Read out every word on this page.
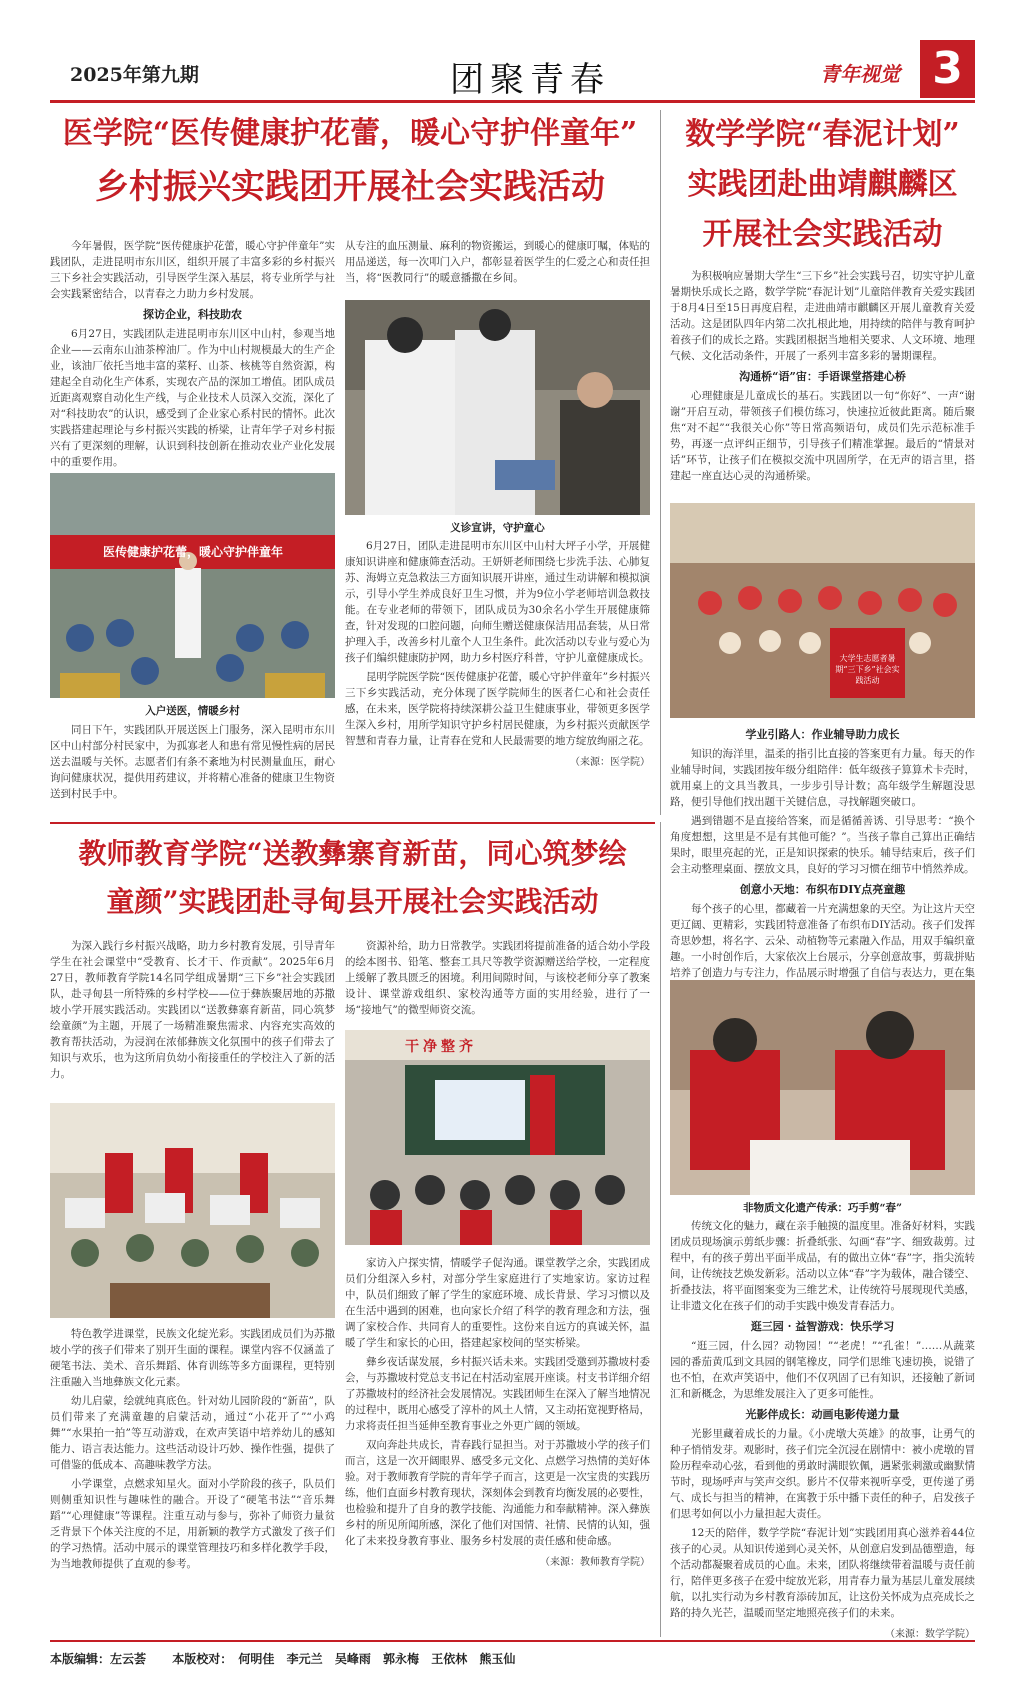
2025年第九期	团聚青春	青年视觉 3
医学院“医传健康护花蕾，暖心守护伴童年”
乡村振兴实践团开展社会实践活动

今年暑假，医学院“医传健康护花蕾，暖心守护伴童年”实践团队，走进昆明市东川区，组织开展了丰富多彩的乡村振兴三下乡社会实践活动，引导医学生深入基层，将专业所学与社会实践紧密结合，以青春之力助力乡村发展。

探访企业，科技助农

6月27日，实践团队走进昆明市东川区中山村，参观当地企业——云南东山油茶榨油厂。作为中山村规模最大的生产企业，该油厂依托当地丰富的菜籽、山茶、核桃等自然资源，构建起全自动化生产体系，实现农产品的深加工增值。团队成员近距离观察自动化生产线，与企业技术人员深入交流，深化了对“科技助农”的认识，感受到了企业家心系村民的情怀。此次实践搭建起理论与乡村振兴实践的桥梁，让青年学子对乡村振兴有了更深刻的理解，认识到科技创新在推动农业产业化发展中的重要作用。

医传健康护花蕾，暖心守护伴童年
入户送医，情暖乡村

同日下午，实践团队开展送医上门服务，深入昆明市东川区中山村部分村民家中，为孤寡老人和患有常见慢性病的居民送去温暖与关怀。志愿者们有条不紊地为村民测量血压，耐心询问健康状况，提供用药建议，并将精心准备的健康卫生物资送到村民手中。

从专注的血压测量、麻利的物资搬运，到暖心的健康叮嘱，体贴的用品递送，每一次叩门入户，都彰显着医学生的仁爱之心和责任担当，将“医教同行”的暖意播撒在乡间。

义诊宣讲，守护童心

6月27日，团队走进昆明市东川区中山村大坪子小学，开展健康知识讲座和健康筛查活动。王妍妍老师围绕七步洗手法、心肺复苏、海姆立克急救法三方面知识展开讲座，通过生动讲解和模拟演示，引导小学生养成良好卫生习惯，并为9位小学老师培训急救技能。在专业老师的带领下，团队成员为30余名小学生开展健康筛查，针对发现的口腔问题，向师生赠送健康保洁用品套装，从日常护理入手，改善乡村儿童个人卫生条件。此次活动以专业与爱心为孩子们编织健康防护网，助力乡村医疗科普，守护儿童健康成长。

昆明学院医学院“医传健康护花蕾，暖心守护伴童年”乡村振兴三下乡实践活动，充分体现了医学院师生的医者仁心和社会责任感，在未来，医学院将持续深耕公益卫生健康事业，带领更多医学生深入乡村，用所学知识守护乡村居民健康，为乡村振兴贡献医学智慧和青春力量，让青春在党和人民最需要的地方绽放绚丽之花。

（来源：医学院）
数学学院“春泥计划”
实践团赴曲靖麒麟区
开展社会实践活动

为积极响应暑期大学生“三下乡”社会实践号召，切实守护儿童暑期快乐成长之路，数学学院“春泥计划”儿童陪伴教育关爱实践团于8月4日至15日再度启程，走进曲靖市麒麟区开展儿童教育关爱活动。这是团队四年内第二次扎根此地，用持续的陪伴与教育呵护着孩子们的成长之路。实践团根据当地相关要求、人文环境、地理气候、文化活动条件，开展了一系列丰富多彩的暑期课程。

沟通桥“语”宙：手语课堂搭建心桥

心理健康是儿童成长的基石。实践团以一句“你好”、一声“谢谢”开启互动，带领孩子们模仿练习，快速拉近彼此距离。随后聚焦“对不起”“我很关心你”等日常高频语句，成员们先示范标准手势，再逐一点评纠正细节，引导孩子们精准掌握。最后的“情景对话”环节，让孩子们在模拟交流中巩固所学，在无声的语言里，搭建起一座直达心灵的沟通桥梁。

大学生志愿者暑期“三下乡”社会实践活动
学业引路人：作业辅导助力成长

知识的海洋里，温柔的指引比直接的答案更有力量。每天的作业辅导时间，实践团按年级分组陪伴：低年级孩子算算术卡壳时，就用桌上的文具当教具，一步步引导计数；高年级学生解题没思路，便引导他们找出题干关键信息，寻找解题突破口。

遇到错题不是直接给答案，而是循循善诱、引导思考：“换个角度想想，这里是不是有其他可能？”。当孩子靠自己算出正确结果时，眼里亮起的光，正是知识探索的快乐。辅导结束后，孩子们会主动整理桌面、摆放文具，良好的学习习惯在细节中悄然养成。

创意小天地：布织布DIY点亮童趣

每个孩子的心里，都藏着一片充满想象的天空。为让这片天空更辽阔、更精彩，实践团特意准备了布织布DIY活动。孩子们发挥奇思妙想，将名字、云朵、动植物等元素融入作品，用双手编织童趣。一小时创作后，大家依次上台展示，分享创意故事，剪裁拼贴培养了创造力与专注力，作品展示时增强了自信与表达力，更在集

非物质文化遗产传承：巧手剪“春”

传统文化的魅力，藏在亲手触摸的温度里。准备好材料，实践团成员现场演示剪纸步骤：折叠纸张、勾画“春”字、细致裁剪。过程中，有的孩子剪出平面半成品，有的做出立体“春”字，指尖流转间，让传统技艺焕发新彩。活动以立体“春”字为载体，融合镂空、折叠技法，将平面图案变为三维艺术，让传统符号展现现代美感，让非遗文化在孩子们的动手实践中焕发青春活力。

逛三园 · 益智游戏：快乐学习

“逛三园，什么园？动物园！”“老虎！”“孔雀！”……从蔬菜园的番茄黄瓜到文具园的钢笔橡皮，同学们思维飞速切换，说错了也不怕，在欢声笑语中，他们不仅巩固了已有知识，还接触了新词汇和新概念，为思维发展注入了更多可能性。

光影伴成长：动画电影传递力量

光影里藏着成长的力量。《小虎墩大英雄》的故事，让勇气的种子悄悄发芽。观影时，孩子们完全沉浸在剧情中：被小虎墩的冒险历程牵动心弦，看到他的勇敢时满眼钦佩，遇紧张刺激或幽默情节时，现场呼声与笑声交织。影片不仅带来视听享受，更传递了勇气、成长与担当的精神，在寓教于乐中播下责任的种子，启发孩子们思考如何以小力量担起大责任。

12天的陪伴，数学学院“春泥计划”实践团用真心滋养着44位孩子的心灵。从知识传递到心灵关怀，从创意启发到品德塑造，每个活动都凝聚着成员的心血。未来，团队将继续带着温暖与责任前行，陪伴更多孩子在爱中绽放光彩，用青春力量为基层儿童发展续航，以扎实行动为乡村教育添砖加瓦，让这份关怀成为点亮成长之路的持久光芒，温暖而坚定地照亮孩子们的未来。

（来源：数学学院）
教师教育学院“送教彝寨育新苗，同心筑梦绘
童颜”实践团赴寻甸县开展社会实践活动

为深入践行乡村振兴战略，助力乡村教育发展，引导青年学生在社会课堂中“受教育、长才干、作贡献”。2025年6月27日，教师教育学院14名同学组成暑期“三下乡”社会实践团队，赴寻甸县一所特殊的乡村学校——位于彝族聚居地的苏撒坡小学开展实践活动。实践团以“送教彝寨育新苗，同心筑梦绘童颜”为主题，开展了一场精准聚焦需求、内容充实高效的教育帮扶活动，为浸润在浓郁彝族文化氛围中的孩子们带去了知识与欢乐，也为这所肩负幼小衔接重任的学校注入了新的活力。

特色教学进课堂，民族文化绽光彩。实践团成员们为苏撒坡小学的孩子们带来了别开生面的课程。课堂内容不仅涵盖了硬笔书法、美术、音乐舞蹈、体育训练等多方面课程，更特别注重融入当地彝族文化元素。

幼儿启蒙，绘就纯真底色。针对幼儿园阶段的“新苗”，队员们带来了充满童趣的启蒙活动，通过“小花开了”“小鸡舞”“水果拍一拍”等互动游戏，在欢声笑语中培养幼儿的感知能力、语言表达能力。这些活动设计巧妙、操作性强，提供了可借鉴的低成本、高趣味教学方法。

小学课堂，点燃求知星火。面对小学阶段的孩子，队员们则侧重知识性与趣味性的融合。开设了“硬笔书法”“音乐舞蹈”“心理健康”等课程。注重互动与参与，弥补了师资力量贫乏背景下个体关注度的不足，用新颖的教学方式激发了孩子们的学习热情。活动中展示的课堂管理技巧和多样化教学手段，为当地教师提供了直观的参考。

资源补给，助力日常教学。实践团将提前准备的适合幼小学段的绘本图书、铅笔、整套工具尺等教学资源赠送给学校，一定程度上缓解了教具匮乏的困境。利用间隙时间，与该校老师分享了教案设计、课堂游戏组织、家校沟通等方面的实用经验，进行了一场“接地气”的微型师资交流。

干净整齐

家访入户探实情，情暖学子促沟通。课堂教学之余，实践团成员们分组深入乡村，对部分学生家庭进行了实地家访。家访过程中，队员们细致了解了学生的家庭环境、成长背景、学习习惯以及在生活中遇到的困难，也向家长介绍了科学的教育理念和方法，强调了家校合作、共同育人的重要性。这份来自远方的真诚关怀，温暖了学生和家长的心田，搭建起家校间的坚实桥梁。

彝乡夜话谋发展，乡村振兴话未来。实践团受邀到苏撒坡村委会，与苏撒坡村党总支书记在村活动室展开座谈。村支书详细介绍了苏撒坡村的经济社会发展情况。实践团师生在深入了解当地情况的过程中，既用心感受了淳朴的风土人情，又主动拓宽视野格局，力求将责任担当延伸至教育事业之外更广阔的领域。

双向奔赴共成长，青春践行显担当。对于苏撒坡小学的孩子们而言，这是一次开阔眼界、感受多元文化、点燃学习热情的美好体验。对于教师教育学院的青年学子而言，这更是一次宝贵的实践历练，他们直面乡村教育现状，深刻体会到教育均衡发展的必要性，也检验和提升了自身的教学技能、沟通能力和奉献精神。深入彝族乡村的所见所闻所感，深化了他们对国情、社情、民情的认知，强化了未来投身教育事业、服务乡村发展的责任感和使命感。

（来源：教师教育学院）
本版编辑：左云荟 本版校对： 何明佳 李元兰 吴峰雨 郭永梅 王依林 熊玉仙
